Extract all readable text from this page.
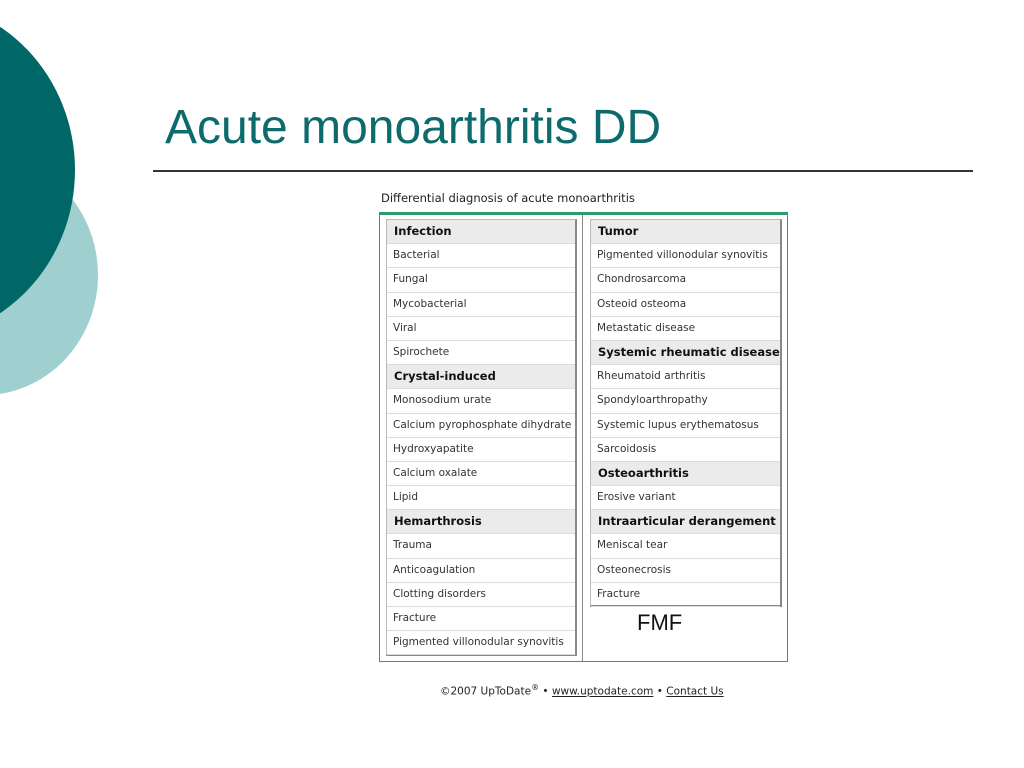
Acute monoarthritis DD
Differential diagnosis of acute monoarthritis
Infection
Bacterial
Fungal
Mycobacterial
Viral
Spirochete
Crystal-induced
Monosodium urate
Calcium pyrophosphate dihydrate
Hydroxyapatite
Calcium oxalate
Lipid
Hemarthrosis
Trauma
Anticoagulation
Clotting disorders
Fracture
Pigmented villonodular synovitis
Tumor
Pigmented villonodular synovitis
Chondrosarcoma
Osteoid osteoma
Metastatic disease
Systemic rheumatic disease
Rheumatoid arthritis
Spondyloarthropathy
Systemic lupus erythematosus
Sarcoidosis
Osteoarthritis
Erosive variant
Intraarticular derangement
Meniscal tear
Osteonecrosis
Fracture
FMF
©2007 UpToDate® • www.uptodate.com • Contact Us
